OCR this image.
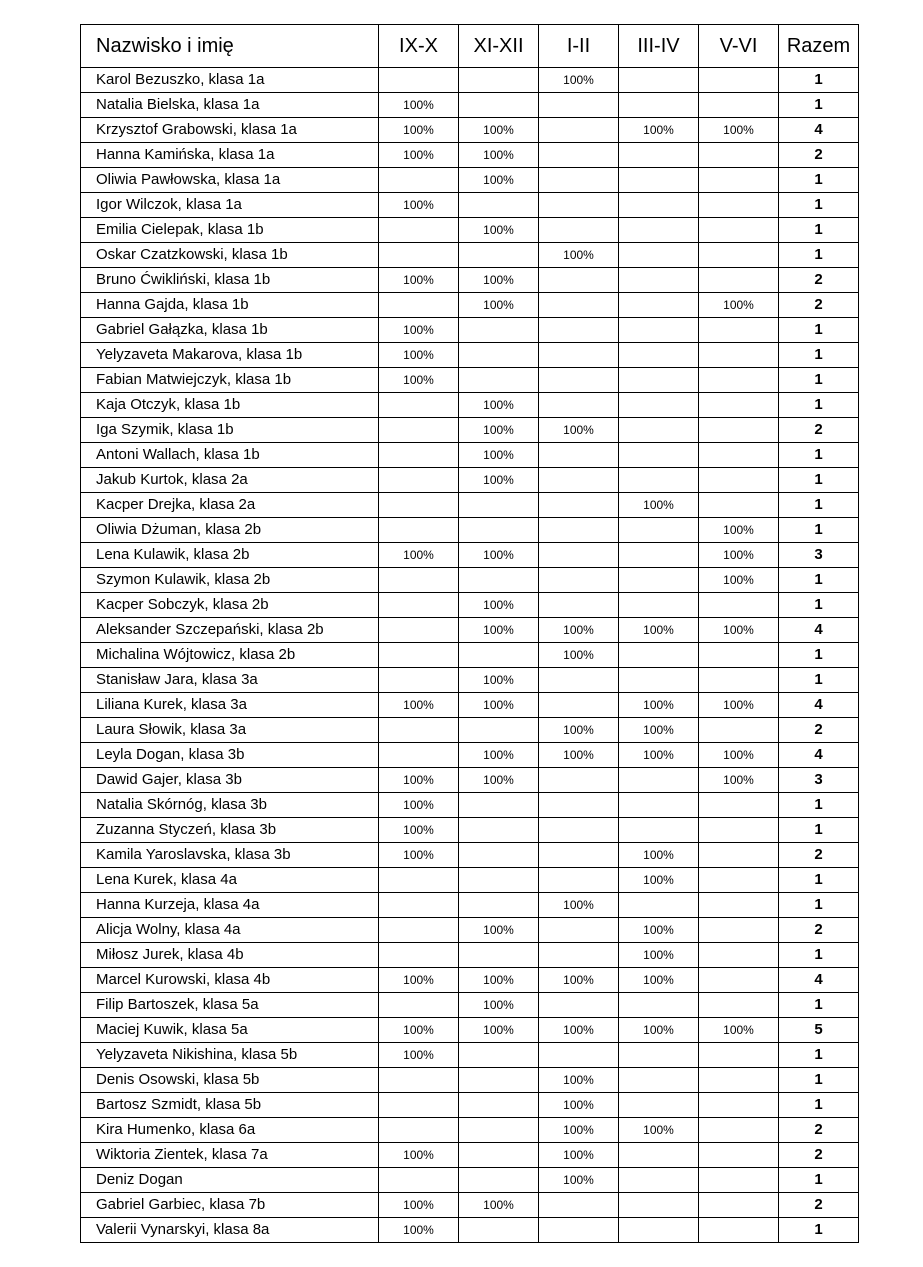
Nazwisko i imię	IX-X	XI-XII	I-II	III-IV	V-VI	Razem
Karol Bezuszko, klasa 1a			100%			1
Natalia Bielska, klasa 1a	100%					1
Krzysztof Grabowski, klasa 1a	100%	100%		100%	100%	4
Hanna Kamińska, klasa 1a	100%	100%				2
Oliwia Pawłowska, klasa 1a		100%				1
Igor Wilczok, klasa 1a	100%					1
Emilia Cielepak, klasa 1b		100%				1
Oskar Czatzkowski, klasa 1b			100%			1
Bruno Ćwikliński, klasa 1b	100%	100%				2
Hanna Gajda, klasa 1b		100%			100%	2
Gabriel Gałązka, klasa 1b	100%					1
Yelyzaveta Makarova, klasa 1b	100%					1
Fabian Matwiejczyk, klasa 1b	100%					1
Kaja Otczyk, klasa 1b		100%				1
Iga Szymik, klasa 1b		100%	100%			2
Antoni Wallach, klasa 1b		100%				1
Jakub Kurtok, klasa 2a		100%				1
Kacper Drejka, klasa 2a				100%		1
Oliwia Dżuman, klasa 2b					100%	1
Lena Kulawik, klasa 2b	100%	100%			100%	3
Szymon Kulawik, klasa 2b					100%	1
Kacper Sobczyk, klasa 2b		100%				1
Aleksander Szczepański, klasa 2b		100%	100%	100%	100%	4
Michalina Wójtowicz, klasa 2b			100%			1
Stanisław Jara, klasa 3a		100%				1
Liliana Kurek, klasa 3a	100%	100%		100%	100%	4
Laura Słowik, klasa 3a			100%	100%		2
Leyla Dogan, klasa 3b		100%	100%	100%	100%	4
Dawid Gajer, klasa 3b	100%	100%			100%	3
Natalia Skórnóg, klasa 3b	100%					1
Zuzanna Styczeń, klasa 3b	100%					1
Kamila Yaroslavska, klasa 3b	100%			100%		2
Lena Kurek, klasa 4a				100%		1
Hanna Kurzeja, klasa 4a			100%			1
Alicja Wolny, klasa 4a		100%		100%		2
Miłosz Jurek, klasa 4b				100%		1
Marcel Kurowski, klasa 4b	100%	100%	100%	100%		4
Filip Bartoszek, klasa 5a		100%				1
Maciej Kuwik, klasa 5a	100%	100%	100%	100%	100%	5
Yelyzaveta Nikishina, klasa 5b	100%					1
Denis Osowski, klasa 5b			100%			1
Bartosz Szmidt, klasa 5b			100%			1
Kira Humenko, klasa 6a			100%	100%		2
Wiktoria Zientek, klasa 7a	100%		100%			2
Deniz Dogan			100%			1
Gabriel Garbiec, klasa 7b	100%	100%				2
Valerii Vynarskyi, klasa 8a	100%					1
